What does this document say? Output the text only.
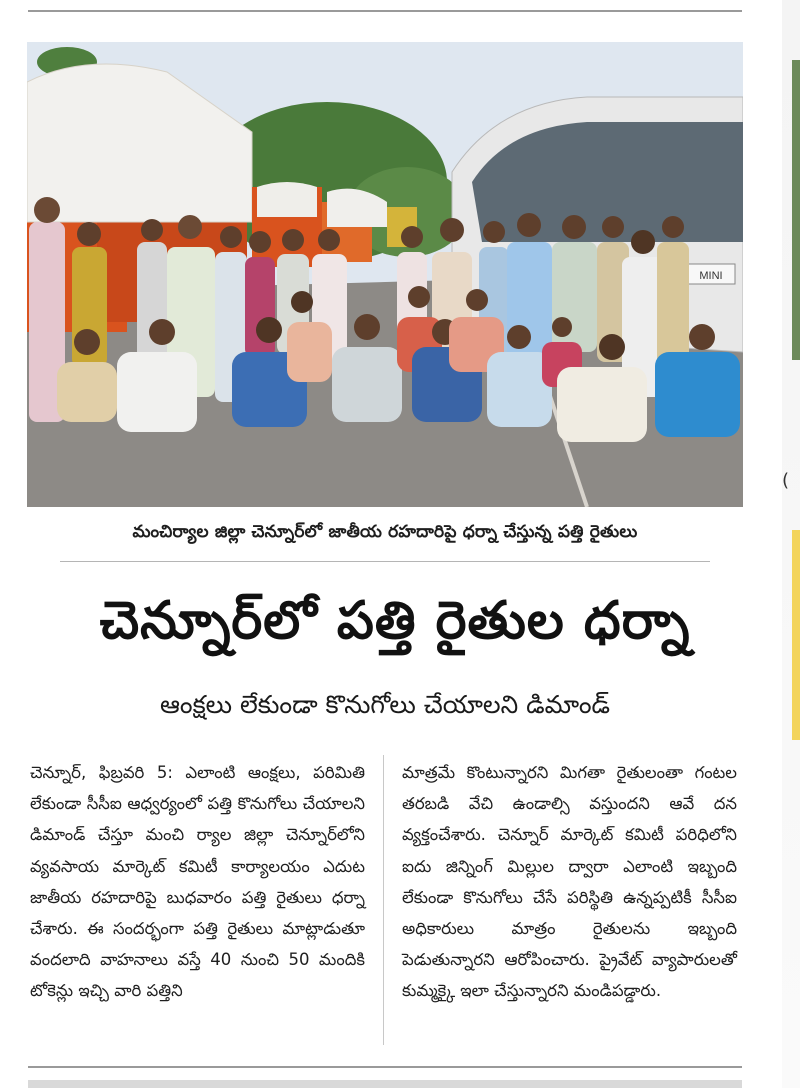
(
MINI
మంచిర్యాల జిల్లా చెన్నూర్‌లో జాతీయ రహదారిపై ధర్నా చేస్తున్న పత్తి రైతులు
చెన్నూర్‌లో పత్తి రైతుల ధర్నా
ఆంక్షలు లేకుండా కొనుగోలు చేయాలని డిమాండ్

చెన్నూర్, ఫిబ్రవరి 5: ఎలాంటి ఆంక్షలు, పరిమితి లేకుండా సీసీఐ ఆధ్వర్యంలో పత్తి కొనుగోలు చేయాలని డిమాండ్ చేస్తూ మంచి ర్యాల జిల్లా చెన్నూర్‌లోని వ్యవసాయ మార్కెట్ కమిటీ కార్యాలయం ఎదుట జాతీయ రహదారిపై బుధవారం పత్తి రైతులు ధర్నా చేశారు. ఈ సందర్భంగా పత్తి రైతులు మాట్లాడుతూ వందలాది వాహనాలు వస్తే 40 నుంచి 50 మందికి టోకెన్లు ఇచ్చి వారి పత్తిని

మాత్రమే కొంటున్నారని మిగతా రైతులంతా గంటల తరబడి వేచి ఉండాల్సి వస్తుందని ఆవే దన వ్యక్తంచేశారు. చెన్నూర్ మార్కెట్ కమిటీ పరిధిలోని ఐదు జిన్నింగ్ మిల్లుల ద్వారా ఎలాంటి ఇబ్బంది లేకుండా కొనుగోలు చేసే పరిస్థితి ఉన్నప్పటికీ సీసీఐ అధికారులు మాత్రం రైతులను ఇబ్బంది పెడుతున్నారని ఆరోపించారు. ప్రైవేట్ వ్యాపారులతో కుమ్మక్కై ఇలా చేస్తున్నారని మండిపడ్డారు.
